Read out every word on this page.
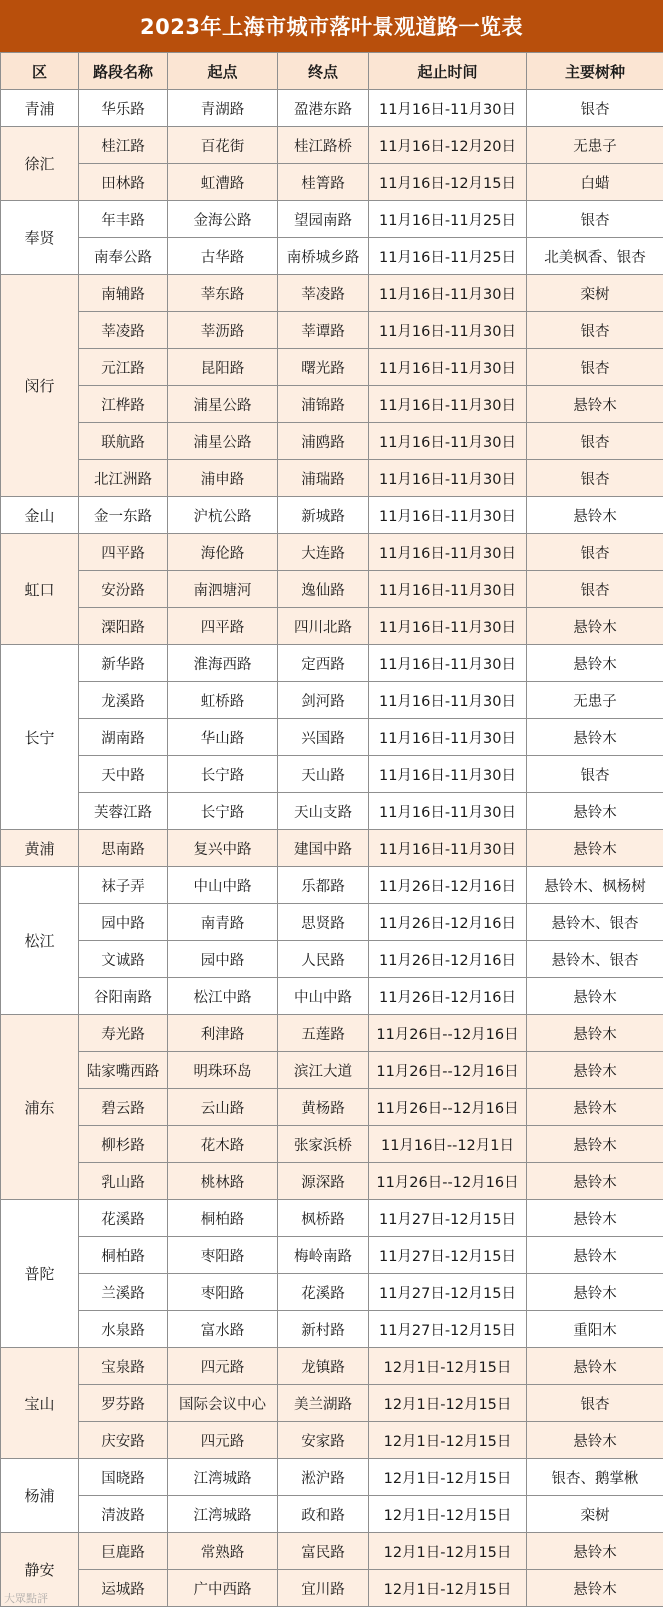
2023年上海市城市落叶景观道路一览表
区	路段名称	起点	终点	起止时间	主要树种
青浦	华乐路	青湖路	盈港东路	11月16日-11月30日	银杏
徐汇	桂江路	百花街	桂江路桥	11月16日-12月20日	无患子
	田林路	虹漕路	桂箐路	11月16日-12月15日	白蜡
奉贤	年丰路	金海公路	望园南路	11月16日-11月25日	银杏
	南奉公路	古华路	南桥城乡路	11月16日-11月25日	北美枫香、银杏
闵行	南辅路	莘东路	莘凌路	11月16日-11月30日	栾树
	莘凌路	莘沥路	莘谭路	11月16日-11月30日	银杏
	元江路	昆阳路	曙光路	11月16日-11月30日	银杏
	江桦路	浦星公路	浦锦路	11月16日-11月30日	悬铃木
	联航路	浦星公路	浦鸥路	11月16日-11月30日	银杏
	北江洲路	浦申路	浦瑞路	11月16日-11月30日	银杏
金山	金一东路	沪杭公路	新城路	11月16日-11月30日	悬铃木
虹口	四平路	海伦路	大连路	11月16日-11月30日	银杏
	安汾路	南泗塘河	逸仙路	11月16日-11月30日	银杏
	溧阳路	四平路	四川北路	11月16日-11月30日	悬铃木
长宁	新华路	淮海西路	定西路	11月16日-11月30日	悬铃木
	龙溪路	虹桥路	剑河路	11月16日-11月30日	无患子
	湖南路	华山路	兴国路	11月16日-11月30日	悬铃木
	天中路	长宁路	天山路	11月16日-11月30日	银杏
	芙蓉江路	长宁路	天山支路	11月16日-11月30日	悬铃木
黄浦	思南路	复兴中路	建国中路	11月16日-11月30日	悬铃木
松江	袜子弄	中山中路	乐都路	11月26日-12月16日	悬铃木、枫杨树
	园中路	南青路	思贤路	11月26日-12月16日	悬铃木、银杏
	文诚路	园中路	人民路	11月26日-12月16日	悬铃木、银杏
	谷阳南路	松江中路	中山中路	11月26日-12月16日	悬铃木
浦东	寿光路	利津路	五莲路	11月26日--12月16日	悬铃木
	陆家嘴西路	明珠环岛	滨江大道	11月26日--12月16日	悬铃木
	碧云路	云山路	黄杨路	11月26日--12月16日	悬铃木
	柳杉路	花木路	张家浜桥	11月16日--12月1日	悬铃木
	乳山路	桃林路	源深路	11月26日--12月16日	悬铃木
普陀	花溪路	桐柏路	枫桥路	11月27日-12月15日	悬铃木
	桐柏路	枣阳路	梅岭南路	11月27日-12月15日	悬铃木
	兰溪路	枣阳路	花溪路	11月27日-12月15日	悬铃木
	水泉路	富水路	新村路	11月27日-12月15日	重阳木
宝山	宝泉路	四元路	龙镇路	12月1日-12月15日	悬铃木
	罗芬路	国际会议中心	美兰湖路	12月1日-12月15日	银杏
	庆安路	四元路	安家路	12月1日-12月15日	悬铃木
杨浦	国晓路	江湾城路	淞沪路	12月1日-12月15日	银杏、鹅掌楸
	清波路	江湾城路	政和路	12月1日-12月15日	栾树
静安	巨鹿路	常熟路	富民路	12月1日-12月15日	悬铃木
	运城路	广中西路	宜川路	12月1日-12月15日	悬铃木
大眾點評
